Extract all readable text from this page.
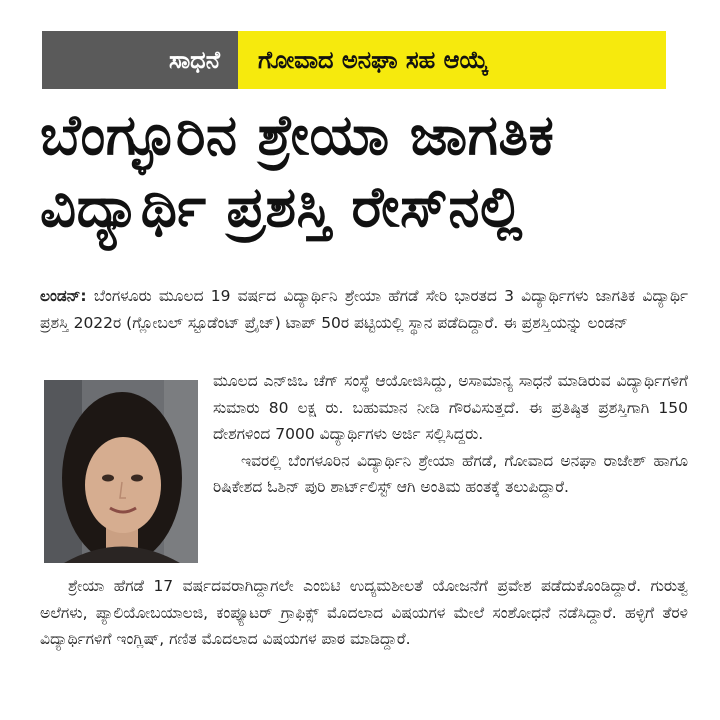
ಸಾಧನೆ	ಗೋವಾದ ಅನಘಾ ಸಹ ಆಯ್ಕೆ
ಬೆಂಗ್ಳೂರಿನ ಶ್ರೇಯಾ ಜಾಗತಿಕ
ವಿದ್ಯಾರ್ಥಿ ಪ್ರಶಸ್ತಿ ರೇಸ್‌ನಲ್ಲಿ
ಲಂಡನ್: ಬೆಂಗಳೂರು ಮೂಲದ 19 ವರ್ಷದ ವಿದ್ಯಾರ್ಥಿನಿ ಶ್ರೇಯಾ ಹೆಗಡೆ ಸೇರಿ ಭಾರತದ 3 ವಿದ್ಯಾರ್ಥಿಗಳು ಜಾಗತಿಕ ವಿದ್ಯಾರ್ಥಿ ಪ್ರಶಸ್ತಿ 2022ರ (ಗ್ಲೋಬಲ್ ಸ್ಟೂಡೆಂಟ್ ಪ್ರೈಜ್) ಟಾಪ್ 50ರ ಪಟ್ಟಿಯಲ್ಲಿ ಸ್ಥಾನ ಪಡೆದಿದ್ದಾರೆ. ಈ ಪ್ರಶಸ್ತಿಯನ್ನು ಲಂಡನ್
ಮೂಲದ ಎನ್‌ಜಿಒ ಚೆಗ್ ಸಂಸ್ಥೆ ಆಯೋಜಿಸಿದ್ದು, ಅಸಾಮಾನ್ಯ ಸಾಧನೆ ಮಾಡಿರುವ ವಿದ್ಯಾರ್ಥಿಗಳಿಗೆ ಸುಮಾರು 80 ಲಕ್ಷ ರು. ಬಹುಮಾನ ನೀಡಿ ಗೌರವಿಸುತ್ತದೆ. ಈ ಪ್ರತಿಷ್ಠಿತ ಪ್ರಶಸ್ತಿಗಾಗಿ 150 ದೇಶಗಳಿಂದ 7000 ವಿದ್ಯಾರ್ಥಿಗಳು ಅರ್ಜಿ ಸಲ್ಲಿಸಿದ್ದರು.
ಇವರಲ್ಲಿ ಬೆಂಗಳೂರಿನ ವಿದ್ಯಾರ್ಥಿನಿ ಶ್ರೇಯಾ ಹೆಗಡೆ, ಗೋವಾದ ಅನಘಾ ರಾಜೇಶ್ ಹಾಗೂ ರಿಷಿಕೇಶದ ಓಶಿನ್ ಪುರಿ ಶಾರ್ಟ್‌ಲಿಸ್ಟ್ ಆಗಿ ಅಂತಿಮ ಹಂತಕ್ಕೆ ತಲುಪಿದ್ದಾರೆ.
ಶ್ರೇಯಾ ಹೆಗಡೆ 17 ವರ್ಷದವರಾಗಿದ್ದಾಗಲೇ ಎಂಬಿಟಿ ಉದ್ಯಮಶೀಲತೆ ಯೋಜನೆಗೆ ಪ್ರವೇಶ ಪಡೆದುಕೊಂಡಿದ್ದಾರೆ. ಗುರುತ್ವ ಅಲೆಗಳು, ಪ್ಯಾಲಿಯೋಬಯಾಲಜಿ, ಕಂಪ್ಯೂಟರ್ ಗ್ರಾಫಿಕ್ಸ್ ಮೊದಲಾದ ವಿಷಯಗಳ ಮೇಲೆ ಸಂಶೋಧನೆ ನಡೆಸಿದ್ದಾರೆ. ಹಳ್ಳಿಗೆ ತೆರಳಿ ವಿದ್ಯಾರ್ಥಿಗಳಿಗೆ ಇಂಗ್ಲಿಷ್, ಗಣಿತ ಮೊದಲಾದ ವಿಷಯಗಳ ಪಾಠ ಮಾಡಿದ್ದಾರೆ.
